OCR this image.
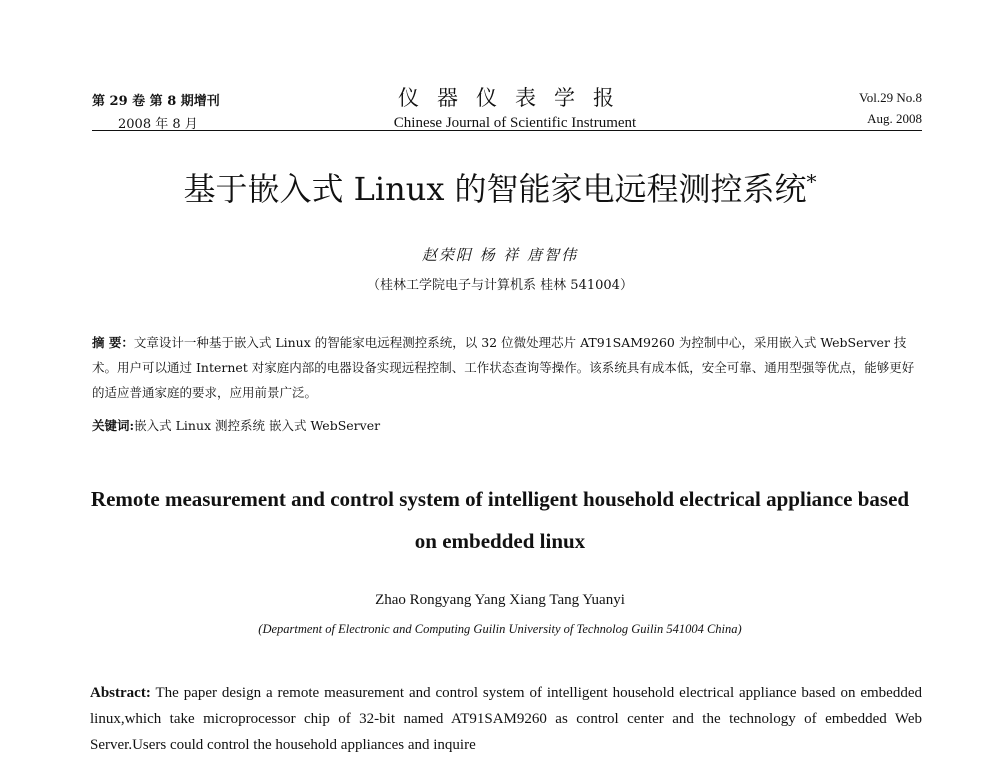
第 29 卷 第 8 期增刊
2008 年 8 月
仪器仪表学报
Chinese Journal of Scientific Instrument
Vol.29 No.8
Aug. 2008
基于嵌入式 Linux 的智能家电远程测控系统*
赵荣阳 杨 祥 唐智伟
（桂林工学院电子与计算机系 桂林 541004）
摘 要：文章设计一种基于嵌入式 Linux 的智能家电远程测控系统，以 32 位微处理芯片 AT91SAM9260 为控制中心，采用嵌入式 WebServer 技术。用户可以通过 Internet 对家庭内部的电器设备实现远程控制、工作状态查询等操作。该系统具有成本低，安全可靠、通用型强等优点，能够更好的适应普通家庭的要求，应用前景广泛。
关键词:嵌入式 Linux 测控系统 嵌入式 WebServer
Remote measurement and control system of intelligent household electrical appliance based on embedded linux
Zhao Rongyang Yang Xiang Tang Yuanyi
(Department of Electronic and Computing Guilin University of Technolog Guilin 541004 China)
Abstract: The paper design a remote measurement and control system of intelligent household electrical appliance based on embedded linux,which take microprocessor chip of 32-bit named AT91SAM9260 as control center and the technology of embedded Web Server.Users could control the household appliances and inquire
